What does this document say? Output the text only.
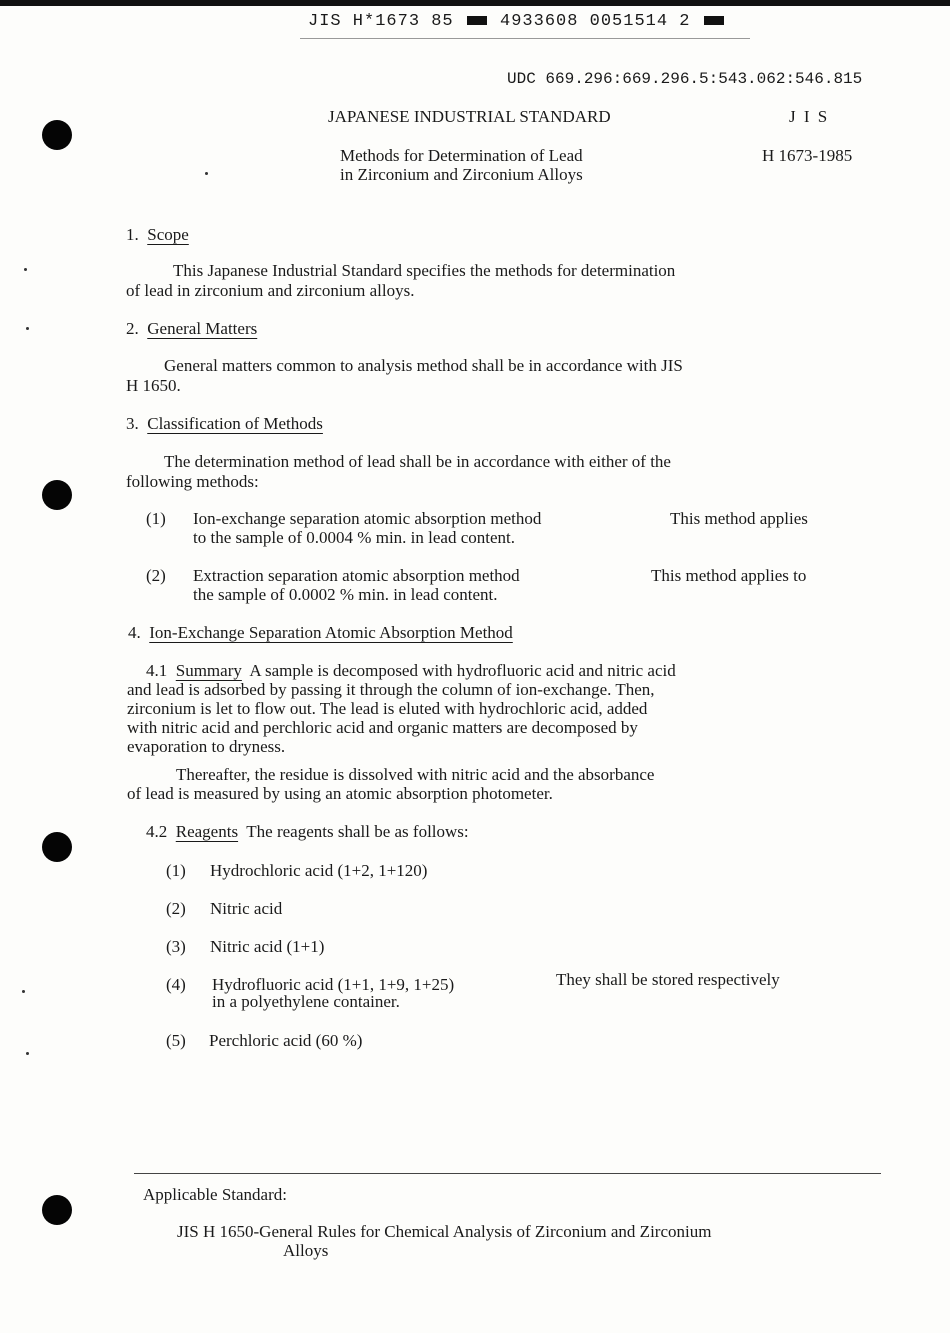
JIS H*1673 85	4933608 0051514 2
UDC 669.296:669.296.5:543.062:546.815
JAPANESE INDUSTRIAL STANDARD	J I S
Methods for Determination of Lead
in Zirconium and Zirconium Alloys
H 1673-1985
1. Scope
This Japanese Industrial Standard specifies the methods for determination
of lead in zirconium and zirconium alloys.
2. General Matters
General matters common to analysis method shall be in accordance with JIS
H 1650.
3. Classification of Methods
The determination method of lead shall be in accordance with either of the
following methods:
(1) Ion-exchange separation atomic absorption method	This method applies
to the sample of 0.0004 % min. in lead content.
(2) Extraction separation atomic absorption method	This method applies to
the sample of 0.0002 % min. in lead content.
4. Ion-Exchange Separation Atomic Absorption Method
4.1 Summary A sample is decomposed with hydrofluoric acid and nitric acid
and lead is adsorbed by passing it through the column of ion-exchange. Then,
zirconium is let to flow out. The lead is eluted with hydrochloric acid, added
with nitric acid and perchloric acid and organic matters are decomposed by
evaporation to dryness.
Thereafter, the residue is dissolved with nitric acid and the absorbance
of lead is measured by using an atomic absorption photometer.
4.2 Reagents The reagents shall be as follows:
(1) Hydrochloric acid (1+2, 1+120)
(2) Nitric acid
(3) Nitric acid (1+1)
(4) Hydrofluoric acid (1+1, 1+9, 1+25)	They shall be stored respectively
in a polyethylene container.
(5) Perchloric acid (60 %)
Applicable Standard:
JIS H 1650-General Rules for Chemical Analysis of Zirconium and Zirconium
Alloys
